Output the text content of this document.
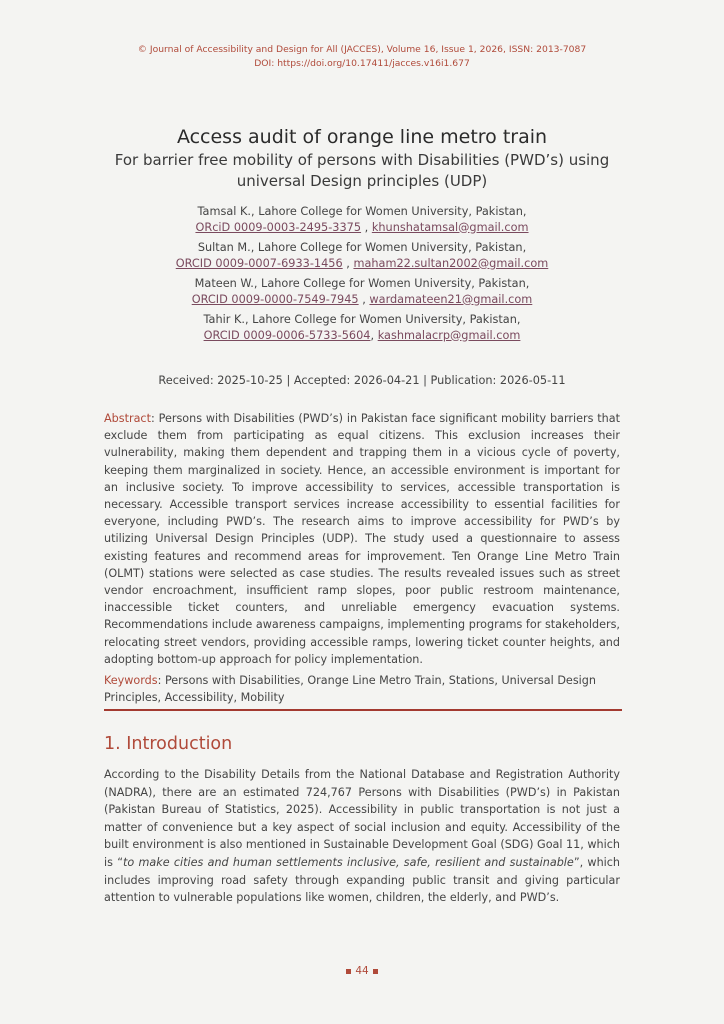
© Journal of Accessibility and Design for All (JACCES), Volume 16, Issue 1, 2026, ISSN: 2013-7087
DOI: https://doi.org/10.17411/jacces.v16i1.677
Access audit of orange line metro train
For barrier free mobility of persons with Disabilities (PWD’s) using universal Design principles (UDP)
Tamsal K., Lahore College for Women University, Pakistan,
ORciD 0009-0003-2495-3375 , khunshatamsal@gmail.com
Sultan M., Lahore College for Women University, Pakistan,
ORCID 0009-0007-6933-1456 , maham22.sultan2002@gmail.com
Mateen W., Lahore College for Women University, Pakistan,
ORCID 0009-0000-7549-7945 , wardamateen21@gmail.com
Tahir K., Lahore College for Women University, Pakistan,
ORCID 0009-0006-5733-5604, kashmalacrp@gmail.com
Received: 2025-10-25 | Accepted: 2026-04-21 | Publication: 2026-05-11
Abstract: Persons with Disabilities (PWD’s) in Pakistan face significant mobility barriers that exclude them from participating as equal citizens. This exclusion increases their vulnerability, making them dependent and trapping them in a vicious cycle of poverty, keeping them marginalized in society. Hence, an accessible environment is important for an inclusive society. To improve accessibility to services, accessible transportation is necessary. Accessible transport services increase accessibility to essential facilities for everyone, including PWD’s. The research aims to improve accessibility for PWD’s by utilizing Universal Design Principles (UDP). The study used a questionnaire to assess existing features and recommend areas for improvement. Ten Orange Line Metro Train (OLMT) stations were selected as case studies. The results revealed issues such as street vendor encroachment, insufficient ramp slopes, poor public restroom maintenance, inaccessible ticket counters, and unreliable emergency evacuation systems. Recommendations include awareness campaigns, implementing programs for stakeholders, relocating street vendors, providing accessible ramps, lowering ticket counter heights, and adopting bottom-up approach for policy implementation.
Keywords: Persons with Disabilities, Orange Line Metro Train, Stations, Universal Design Principles, Accessibility, Mobility
1. Introduction
According to the Disability Details from the National Database and Registration Authority (NADRA), there are an estimated 724,767 Persons with Disabilities (PWD’s) in Pakistan (Pakistan Bureau of Statistics, 2025). Accessibility in public transportation is not just a matter of convenience but a key aspect of social inclusion and equity. Accessibility of the built environment is also mentioned in Sustainable Development Goal (SDG) Goal 11, which is “to make cities and human settlements inclusive, safe, resilient and sustainable”, which includes improving road safety through expanding public transit and giving particular attention to vulnerable populations like women, children, the elderly, and PWD’s.
44
